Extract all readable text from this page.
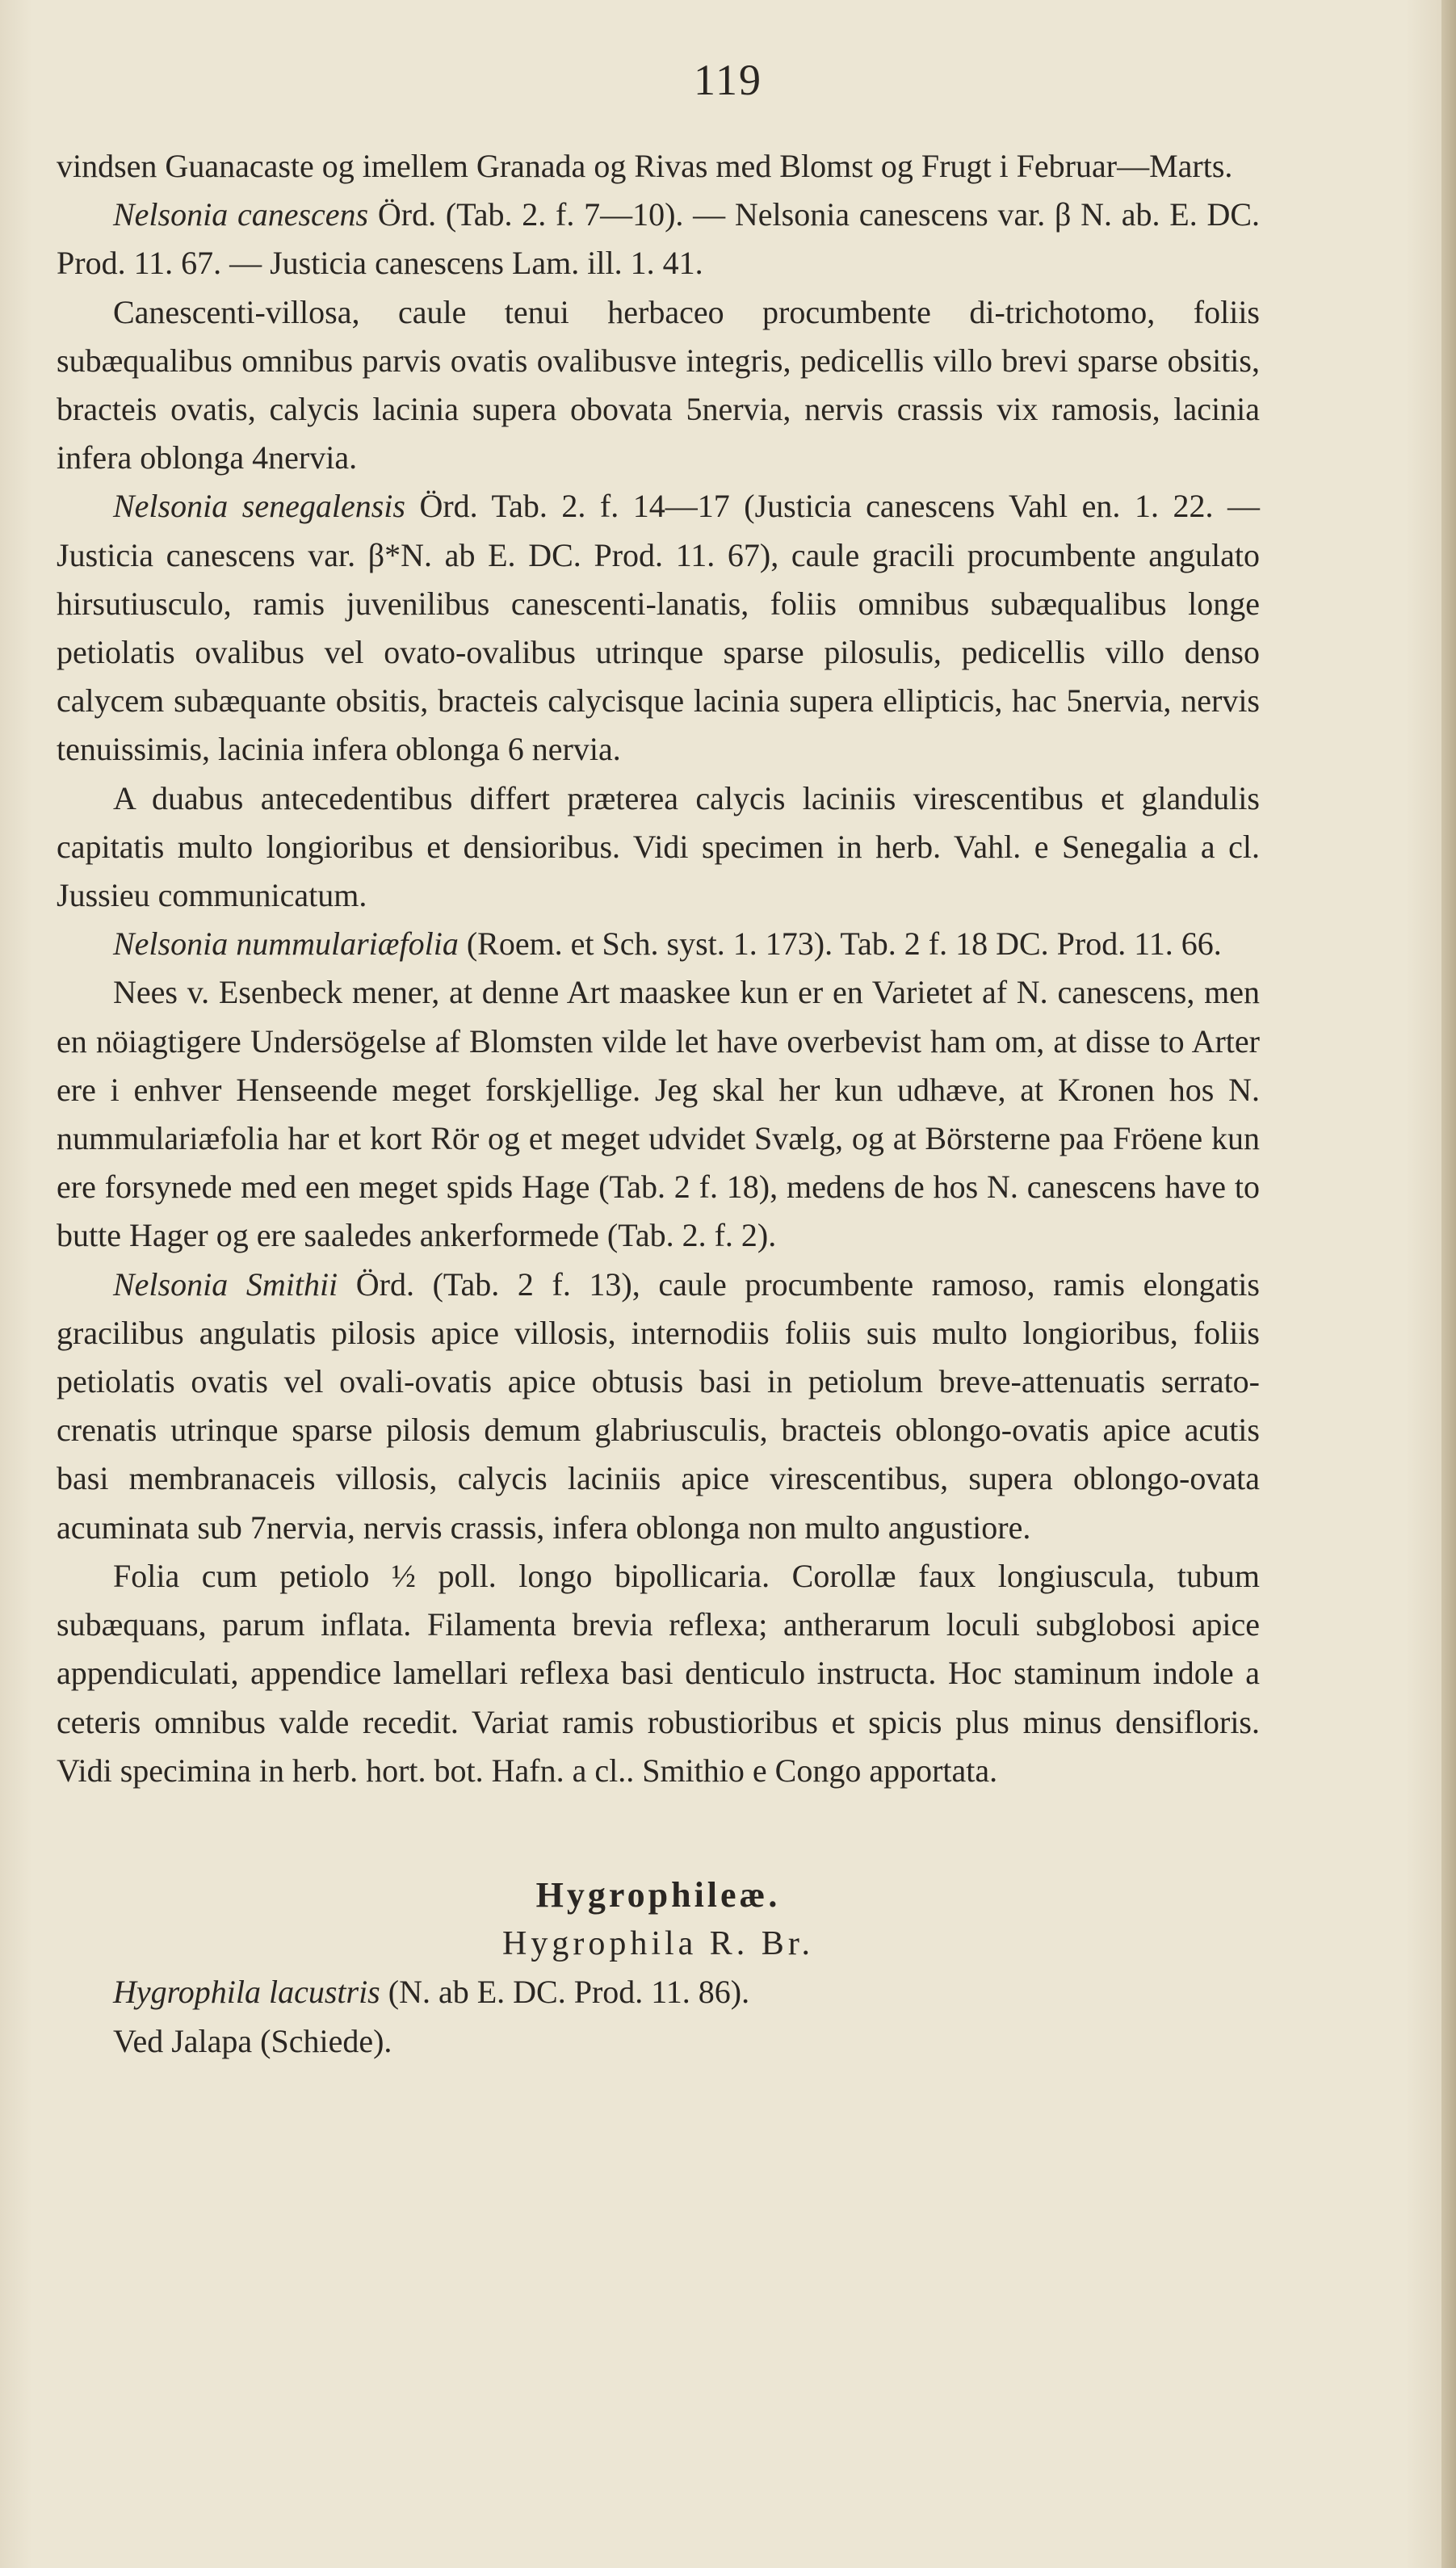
119

vindsen Guanacaste og imellem Granada og Rivas med Blomst og Frugt i Februar—Marts.

Nelsonia canescens Örd. (Tab. 2. f. 7—10). — Nelsonia canescens var. β N. ab. E. DC. Prod. 11. 67. — Justicia canescens Lam. ill. 1. 41.

Canescenti-villosa, caule tenui herbaceo procumbente di-trichotomo, foliis subæqualibus omnibus parvis ovatis ovalibusve integris, pedicellis villo brevi sparse obsitis, bracteis ovatis, calycis lacinia supera obovata 5nervia, nervis crassis vix ramosis, lacinia infera oblonga 4nervia.

Nelsonia senegalensis Örd. Tab. 2. f. 14—17 (Justicia canescens Vahl en. 1. 22. — Justicia canescens var. β*N. ab E. DC. Prod. 11. 67), caule gracili procumbente angulato hirsutiusculo, ramis juvenilibus canescenti-lanatis, foliis omnibus subæqualibus longe petiolatis ovalibus vel ovato-ovalibus utrinque sparse pilosulis, pedicellis villo denso calycem subæquante obsitis, bracteis calycisque lacinia supera ellipticis, hac 5nervia, nervis tenuissimis, lacinia infera oblonga 6 nervia.

A duabus antecedentibus differt præterea calycis laciniis virescentibus et glandulis capitatis multo longioribus et densioribus. Vidi specimen in herb. Vahl. e Senegalia a cl. Jussieu communicatum.

Nelsonia nummulariæfolia (Roem. et Sch. syst. 1. 173). Tab. 2 f. 18 DC. Prod. 11. 66.

Nees v. Esenbeck mener, at denne Art maaskee kun er en Varietet af N. canescens, men en nöiagtigere Undersögelse af Blomsten vilde let have overbevist ham om, at disse to Arter ere i enhver Henseende meget forskjellige. Jeg skal her kun udhæve, at Kronen hos N. nummulariæfolia har et kort Rör og et meget udvidet Svælg, og at Börsterne paa Fröene kun ere forsynede med een meget spids Hage (Tab. 2 f. 18), medens de hos N. canescens have to butte Hager og ere saaledes ankerformede (Tab. 2. f. 2).

Nelsonia Smithii Örd. (Tab. 2 f. 13), caule procumbente ramoso, ramis elongatis gracilibus angulatis pilosis apice villosis, internodiis foliis suis multo longioribus, foliis petiolatis ovatis vel ovali-ovatis apice obtusis basi in petiolum breve-attenuatis serrato-crenatis utrinque sparse pilosis demum glabriusculis, bracteis oblongo-ovatis apice acutis basi membranaceis villosis, calycis laciniis apice virescentibus, supera oblongo-ovata acuminata sub 7nervia, nervis crassis, infera oblonga non multo angustiore.

Folia cum petiolo ½ poll. longo bipollicaria. Corollæ faux longiuscula, tubum subæquans, parum inflata. Filamenta brevia reflexa; antherarum loculi subglobosi apice appendiculati, appendice lamellari reflexa basi denticulo instructa. Hoc staminum indole a ceteris omnibus valde recedit. Variat ramis robustioribus et spicis plus minus densifloris. Vidi specimina in herb. hort. bot. Hafn. a cl.. Smithio e Congo apportata.

Hygrophileæ.

Hygrophila R. Br.

Hygrophila lacustris (N. ab E. DC. Prod. 11. 86).

Ved Jalapa (Schiede).
